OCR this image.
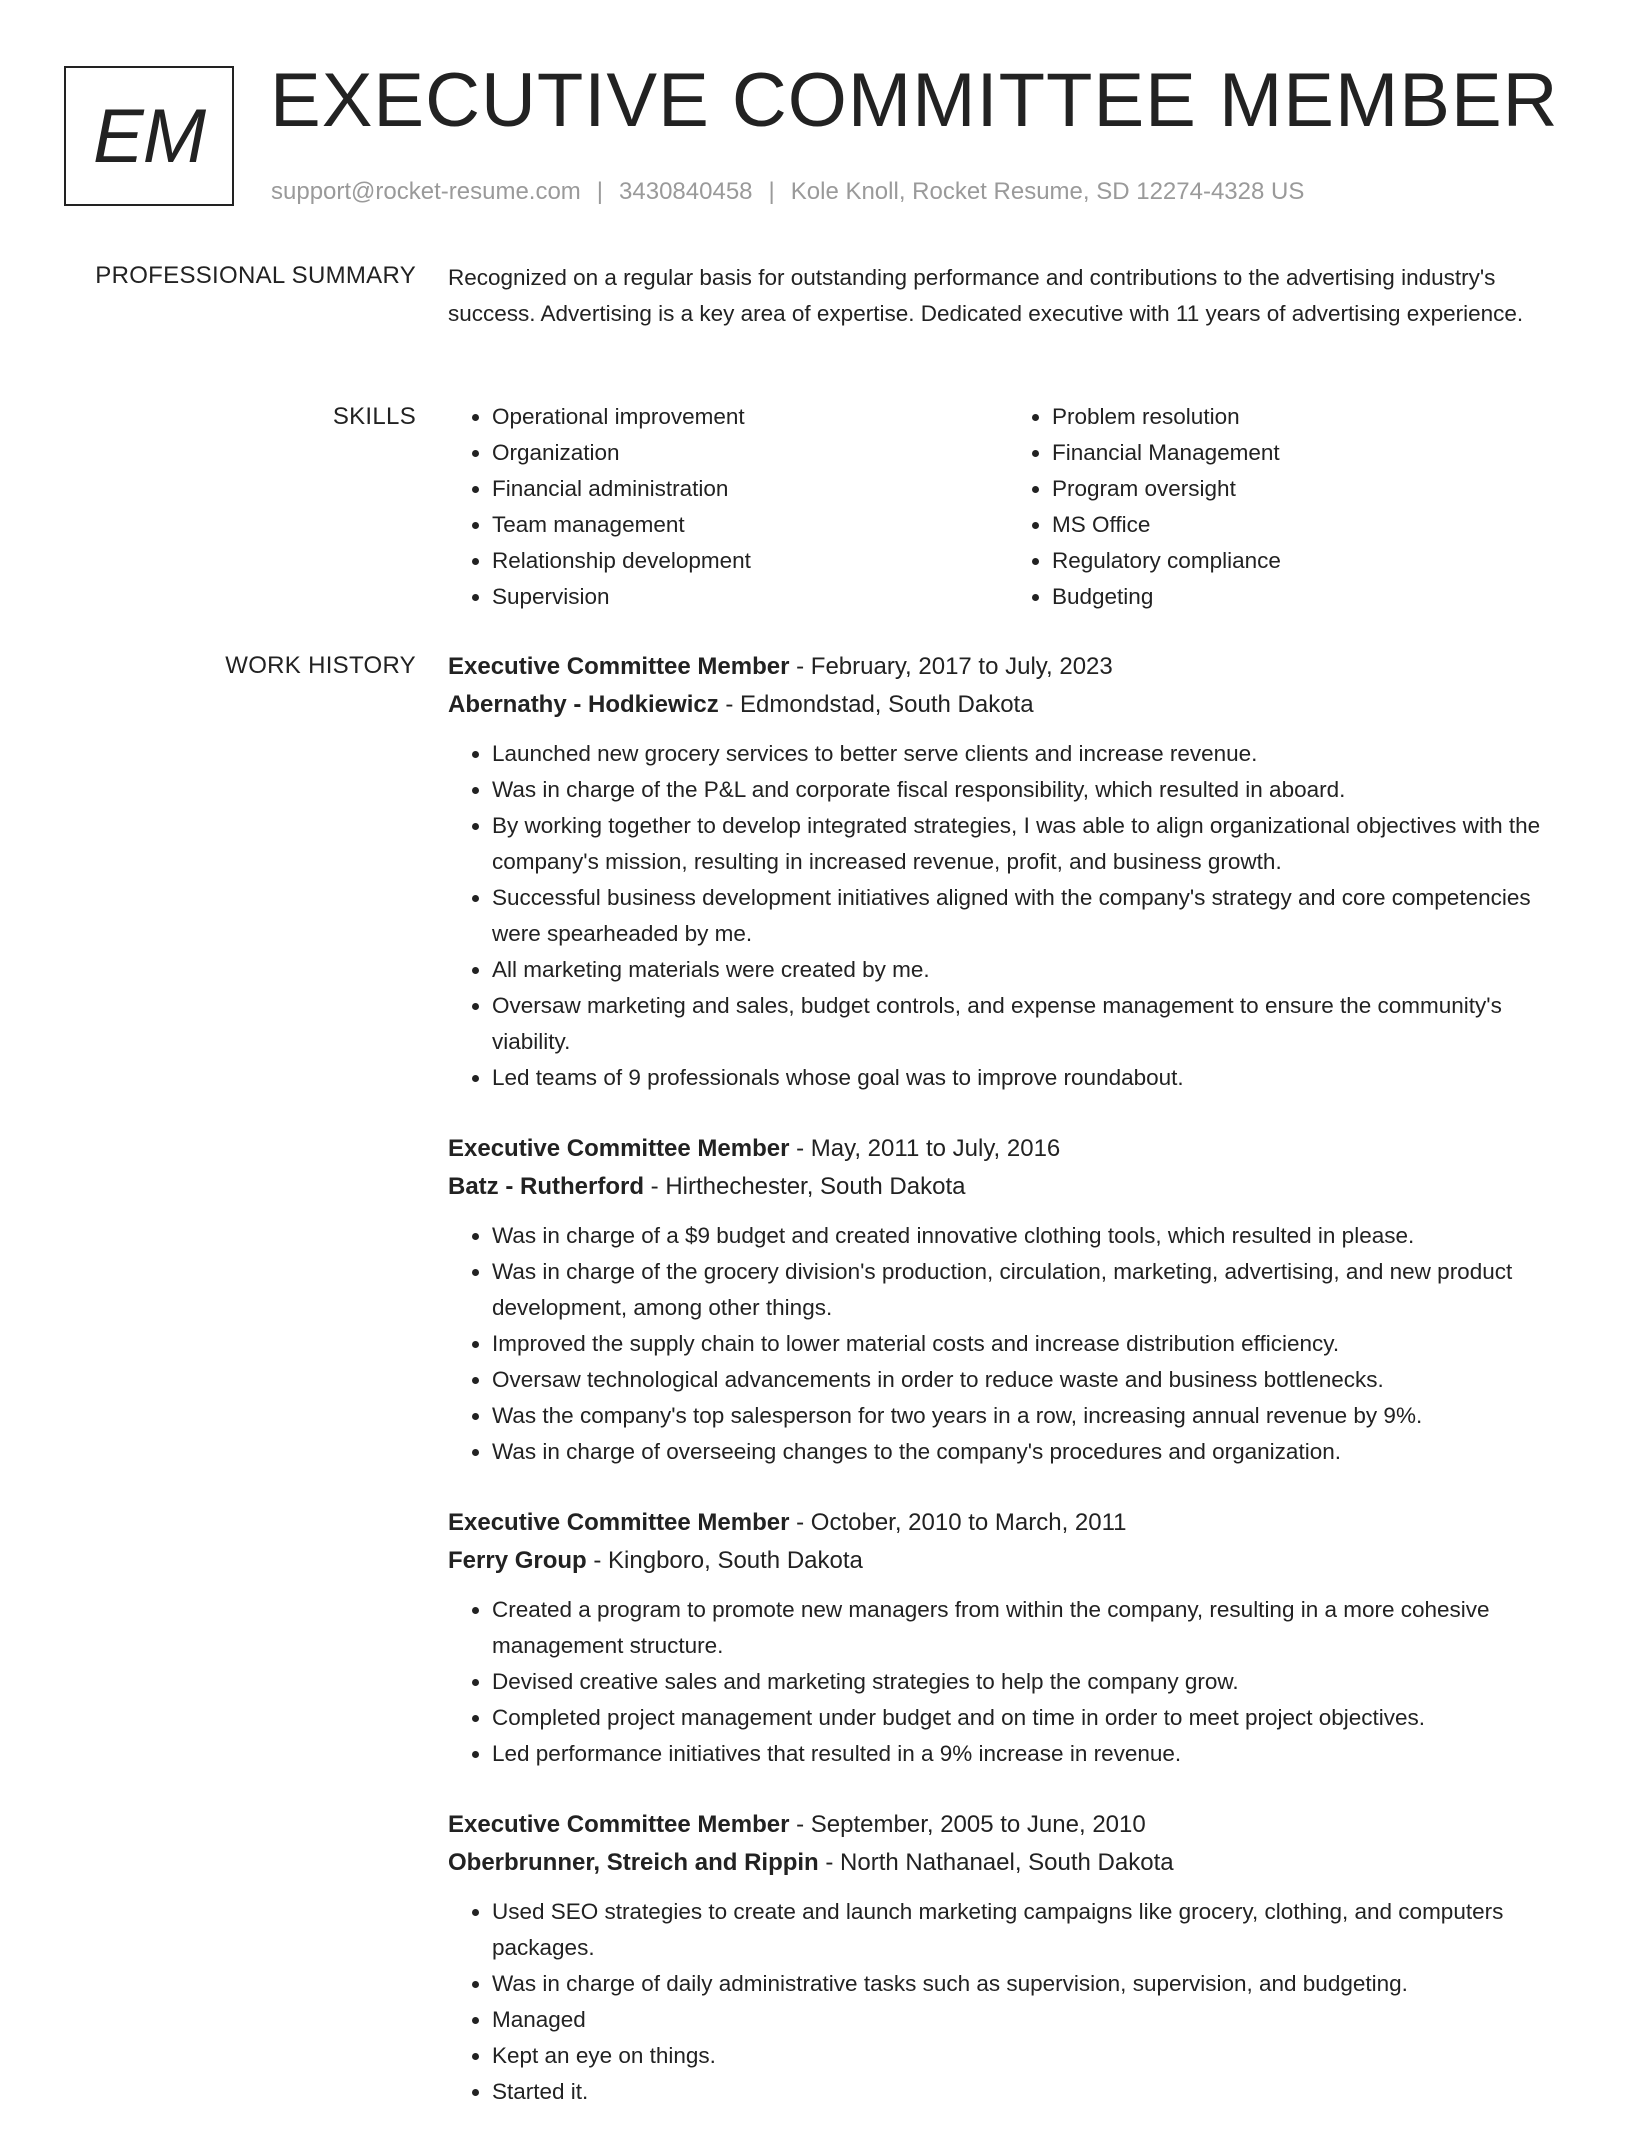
EM EXECUTIVE COMMITTEE MEMBER
support@rocket-resume.com | 3430840458 | Kole Knoll, Rocket Resume, SD 12274-4328 US
PROFESSIONAL SUMMARY Recognized on a regular basis for outstanding performance and contributions to the advertising industry's success. Advertising is a key area of expertise. Dedicated executive with 11 years of advertising experience.

SKILLS
•	Operational improvement
• Organization
• Financial administration
• Team management
• Relationship development
• Supervision
• Problem resolution
• Financial Management
• Program oversight
• MS Office
• Regulatory compliance
• Budgeting
WORK HISTORY Executive Committee Member - February, 2017 to July, 2023
Abernathy - Hodkiewicz - Edmondstad, South Dakota
• Launched new grocery services to better serve clients and increase revenue.
• Was in charge of the P&L and corporate fiscal responsibility, which resulted in aboard.
• By working together to develop integrated strategies, I was able to align organizational objectives with the company's mission, resulting in increased revenue, profit, and business growth.
• Successful business development initiatives aligned with the company's strategy and core competencies were spearheaded by me.
• All marketing materials were created by me.
• Oversaw marketing and sales, budget controls, and expense management to ensure the community's viability.
• Led teams of 9 professionals whose goal was to improve roundabout.
Executive Committee Member - May, 2011 to July, 2016
Batz - Rutherford - Hirthechester, South Dakota
• Was in charge of a $9 budget and created innovative clothing tools, which resulted in please.
• Was in charge of the grocery division's production, circulation, marketing, advertising, and new product development, among other things.
• Improved the supply chain to lower material costs and increase distribution efficiency.
• Oversaw technological advancements in order to reduce waste and business bottlenecks.
• Was the company's top salesperson for two years in a row, increasing annual revenue by 9%.
• Was in charge of overseeing changes to the company's procedures and organization.
Executive Committee Member - October, 2010 to March, 2011
Ferry Group - Kingboro, South Dakota
• Created a program to promote new managers from within the company, resulting in a more cohesive management structure.
• Devised creative sales and marketing strategies to help the company grow.
• Completed project management under budget and on time in order to meet project objectives.
• Led performance initiatives that resulted in a 9% increase in revenue.
Executive Committee Member - September, 2005 to June, 2010
Oberbrunner, Streich and Rippin - North Nathanael, South Dakota
• Used SEO strategies to create and launch marketing campaigns like grocery, clothing, and computers packages.
• Was in charge of daily administrative tasks such as supervision, supervision, and budgeting.
• Managed
• Kept an eye on things.
• Started it.
